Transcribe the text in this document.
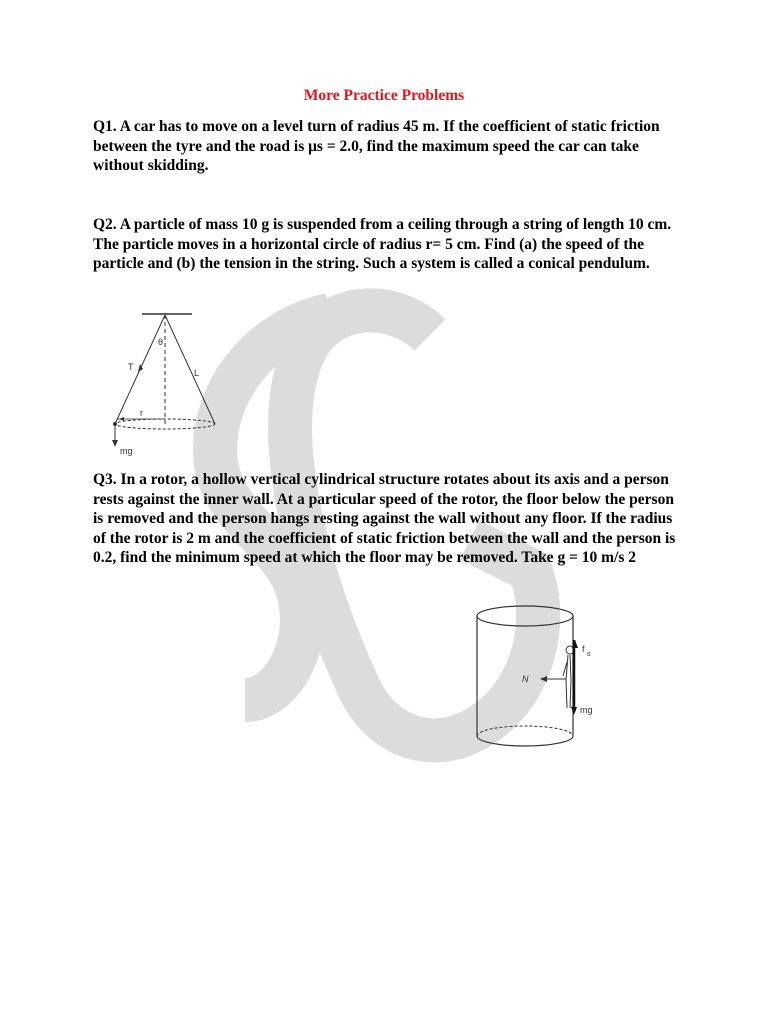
More Practice Problems
Q1. A car has to move on a level turn of radius 45 m. If the coefficient of static friction between the tyre and the road is μs = 2.0, find the maximum speed the car can take without skidding.
Q2. A particle of mass 10 g is suspended from a ceiling through a string of length 10 cm. The particle moves in a horizontal circle of radius r= 5 cm. Find (a) the speed of the particle and (b) the tension in the string. Such a system is called a conical pendulum.
θ
T
L
r
mg
Q3. In a rotor, a hollow vertical cylindrical structure rotates about its axis and a person rests against the inner wall. At a particular speed of the rotor, the floor below the person is removed and the person hangs resting against the wall without any floor. If the radius of the rotor is 2 m and the coefficient of static friction between the wall and the person is 0.2, find the minimum speed at which the floor may be removed. Take g = 10 m/s 2
f
s
N
mg
